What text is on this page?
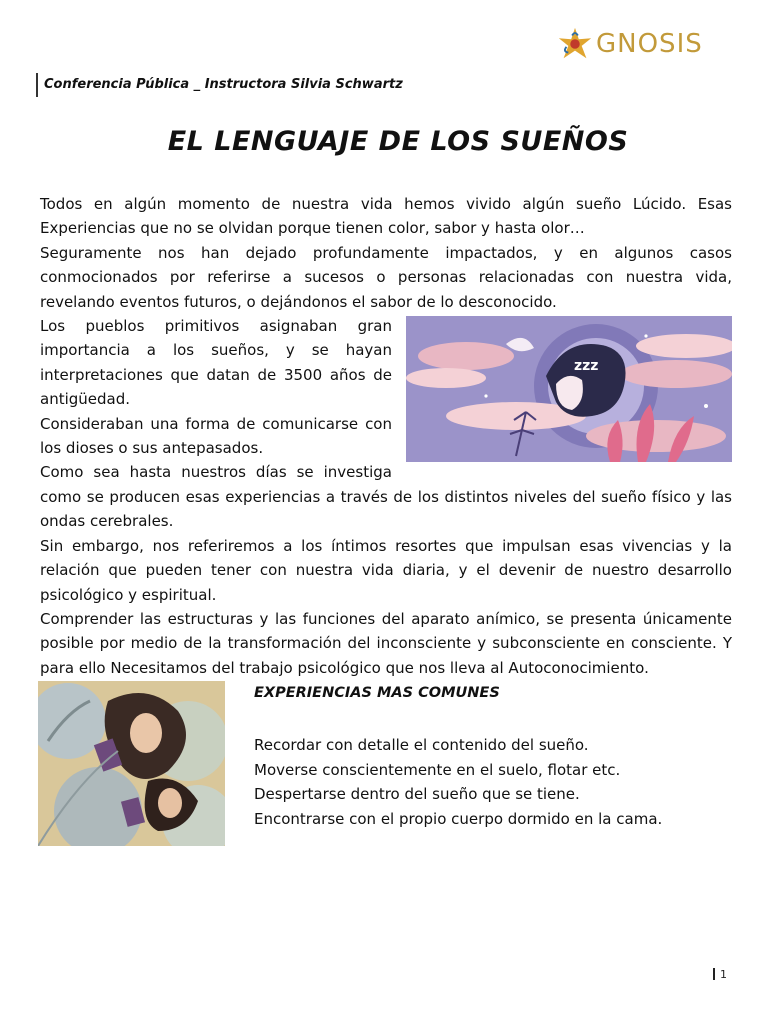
GNOSIS
Conferencia Pública _ Instructora Silvia Schwartz
EL LENGUAJE DE LOS SUEÑOS

Todos en algún momento de nuestra vida hemos vivido algún sueño Lúcido. Esas Experiencias que no se olvidan porque tienen color, sabor y hasta olor…

Seguramente nos han dejado profundamente impactados, y en algunos casos conmocionados por referirse a sucesos o personas relacionadas con nuestra vida, revelando eventos futuros, o dejándonos el sabor de lo desconocido.

zzz

Los pueblos primitivos asignaban gran importancia a los sueños, y se hayan interpretaciones que datan de 3500 años de antigüedad.

Consideraban una forma de comunicarse con los dioses o sus antepasados.

Como sea hasta nuestros días se investiga como se producen esas experiencias a través de los distintos niveles del sueño físico y las ondas cerebrales.

Sin embargo, nos referiremos a los íntimos resortes que impulsan esas vivencias y la relación que pueden tener con nuestra vida diaria, y el devenir de nuestro desarrollo psicológico y espiritual.

Comprender las estructuras y las funciones del aparato anímico, se presenta únicamente posible por medio de la transformación del inconsciente y subconsciente en consciente. Y para ello Necesitamos del trabajo psicológico que nos lleva al Autoconocimiento.

EXPERIENCIAS MAS COMUNES
Recordar con detalle el contenido del sueño.
Moverse conscientemente en el suelo, flotar etc.
Despertarse dentro del sueño que se tiene.
Encontrarse con el propio cuerpo dormido en la cama.
1
